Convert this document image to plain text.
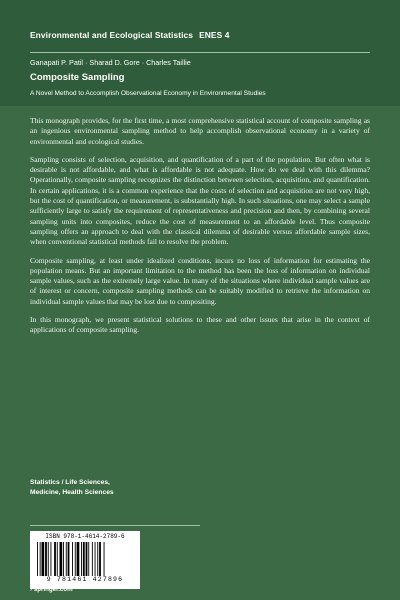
Environmental and Ecological Statistics ENES 4
Ganapati P. Patil · Sharad D. Gore · Charles Taillie
Composite Sampling
A Novel Method to Accomplish Observational Economy in Environmental Studies

This monograph provides, for the first time, a most comprehensive statistical account of composite sampling as an ingenious environmental sampling method to help accomplish observational economy in a variety of environmental and ecological studies.

Sampling consists of selection, acquisition, and quantification of a part of the population. But often what is desirable is not affordable, and what is affordable is not adequate. How do we deal with this dilemma? Operationally, composite sampling recognizes the distinction between selection, acquisition, and quantification. In certain applications, it is a common experience that the costs of selection and acquisition are not very high, but the cost of quantification, or measurement, is substantially high. In such situations, one may select a sample sufficiently large to satisfy the requirement of representativeness and precision and then, by combining several sampling units into composites, reduce the cost of measurement to an affordable level. Thus composite sampling offers an approach to deal with the classical dilemma of desirable versus affordable sample sizes, when conventional statistical methods fail to resolve the problem.

Composite sampling, at least under idealized conditions, incurs no loss of information for estimating the population means. But an important limitation to the method has been the loss of information on individual sample values, such as the extremely large value. In many of the situations where individual sample values are of interest or concern, composite sampling methods can be suitably modified to retrieve the information on individual sample values that may be lost due to compositing.

In this monograph, we present statistical solutions to these and other issues that arise in the context of applications of composite sampling.

Statistics / Life Sciences,
Medicine, Health Sciences
ISBN 978-1-4614-2789-6
9 781461 427896
› springer.com
